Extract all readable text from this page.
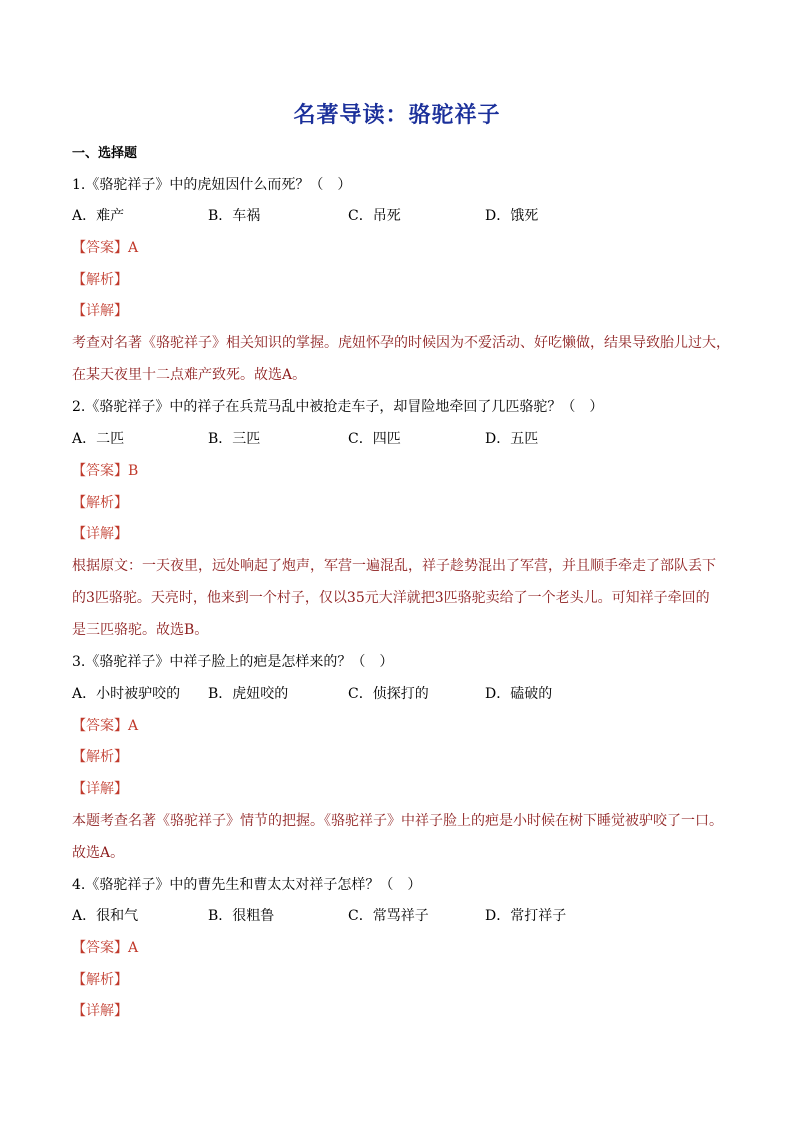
名著导读：骆驼祥子
一、选择题
1.《骆驼祥子》中的虎妞因什么而死？（　）
A．难产	B．车祸	C．吊死	D．饿死
【答案】A
【解析】
【详解】
考查对名著《骆驼祥子》相关知识的掌握。虎妞怀孕的时候因为不爱活动、好吃懒做，结果导致胎儿过大，
在某天夜里十二点难产致死。故选A。
2.《骆驼祥子》中的祥子在兵荒马乱中被抢走车子，却冒险地牵回了几匹骆驼？（　）
A．二匹	B．三匹	C．四匹	D．五匹
【答案】B
【解析】
【详解】
根据原文：一天夜里，远处响起了炮声，军营一遍混乱，祥子趁势混出了军营，并且顺手牵走了部队丢下
的3匹骆驼。天亮时，他来到一个村子，仅以35元大洋就把3匹骆驼卖给了一个老头儿。可知祥子牵回的
是三匹骆驼。故选B。
3.《骆驼祥子》中祥子脸上的疤是怎样来的？（　）
A．小时被驴咬的 B．虎妞咬的	C．侦探打的	D．磕破的
【答案】A
【解析】
【详解】
本题考查名著《骆驼祥子》情节的把握。《骆驼祥子》中祥子脸上的疤是小时候在树下睡觉被驴咬了一口。
故选A。
4.《骆驼祥子》中的曹先生和曹太太对祥子怎样？（　）
A．很和气	B．很粗鲁	C．常骂祥子	D．常打祥子
【答案】A
【解析】
【详解】
